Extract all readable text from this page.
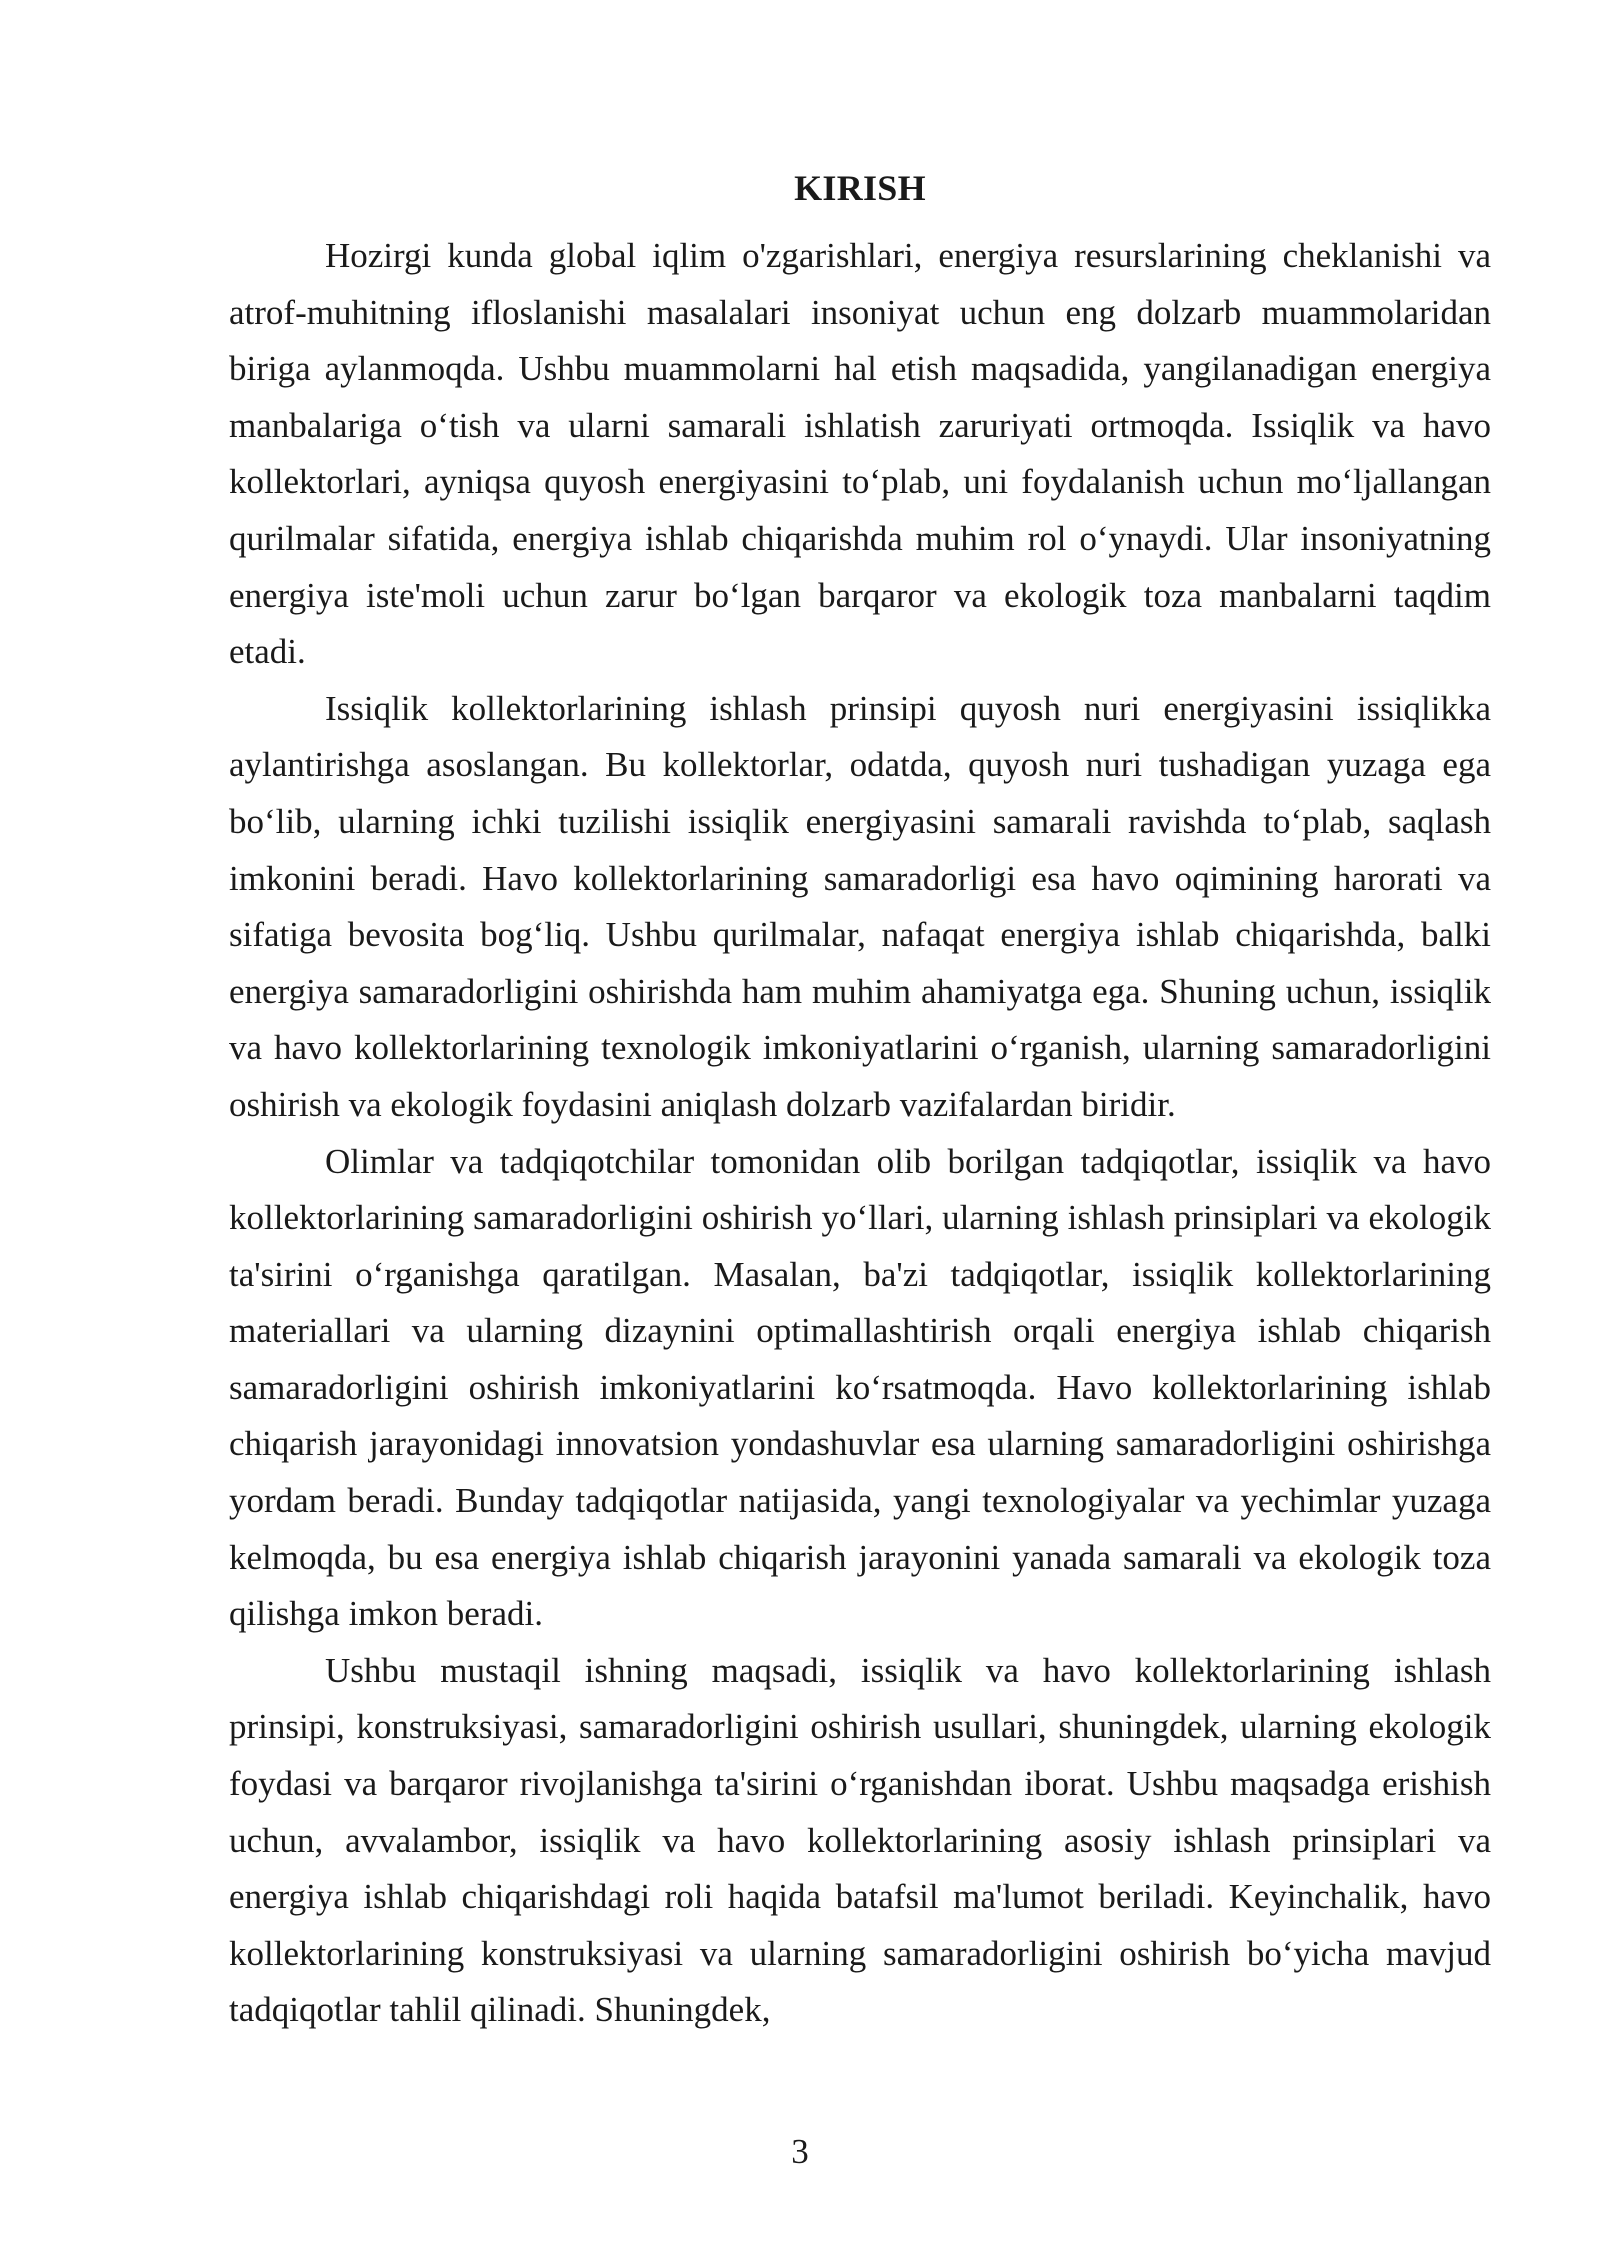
KIRISH

Hozirgi kunda global iqlim o'zgarishlari, energiya resurslarining cheklanishi va atrof-muhitning ifloslanishi masalalari insoniyat uchun eng dolzarb muammolaridan biriga aylanmoqda. Ushbu muammolarni hal etish maqsadida, yangilanadigan energiya manbalariga o‘tish va ularni samarali ishlatish zaruriyati ortmoqda. Issiqlik va havo kollektorlari, ayniqsa quyosh energiyasini to‘plab, uni foydalanish uchun mo‘ljallangan qurilmalar sifatida, energiya ishlab chiqarishda muhim rol o‘ynaydi. Ular insoniyatning energiya iste'moli uchun zarur bo‘lgan barqaror va ekologik toza manbalarni taqdim etadi.

Issiqlik kollektorlarining ishlash prinsipi quyosh nuri energiyasini issiqlikka aylantirishga asoslangan. Bu kollektorlar, odatda, quyosh nuri tushadigan yuzaga ega bo‘lib, ularning ichki tuzilishi issiqlik energiyasini samarali ravishda to‘plab, saqlash imkonini beradi. Havo kollektorlarining samaradorligi esa havo oqimining harorati va sifatiga bevosita bog‘liq. Ushbu qurilmalar, nafaqat energiya ishlab chiqarishda, balki energiya samaradorligini oshirishda ham muhim ahamiyatga ega. Shuning uchun, issiqlik va havo kollektorlarining texnologik imkoniyatlarini o‘rganish, ularning samaradorligini oshirish va ekologik foydasini aniqlash dolzarb vazifalardan biridir.

Olimlar va tadqiqotchilar tomonidan olib borilgan tadqiqotlar, issiqlik va havo kollektorlarining samaradorligini oshirish yo‘llari, ularning ishlash prinsiplari va ekologik ta'sirini o‘rganishga qaratilgan. Masalan, ba'zi tadqiqotlar, issiqlik kollektorlarining materiallari va ularning dizaynini optimallashtirish orqali energiya ishlab chiqarish samaradorligini oshirish imkoniyatlarini ko‘rsatmoqda. Havo kollektorlarining ishlab chiqarish jarayonidagi innovatsion yondashuvlar esa ularning samaradorligini oshirishga yordam beradi. Bunday tadqiqotlar natijasida, yangi texnologiyalar va yechimlar yuzaga kelmoqda, bu esa energiya ishlab chiqarish jarayonini yanada samarali va ekologik toza qilishga imkon beradi.

Ushbu mustaqil ishning maqsadi, issiqlik va havo kollektorlarining ishlash prinsipi, konstruksiyasi, samaradorligini oshirish usullari, shuningdek, ularning ekologik foydasi va barqaror rivojlanishga ta'sirini o‘rganishdan iborat. Ushbu maqsadga erishish uchun, avvalambor, issiqlik va havo kollektorlarining asosiy ishlash prinsiplari va energiya ishlab chiqarishdagi roli haqida batafsil ma'lumot beriladi. Keyinchalik, havo kollektorlarining konstruksiyasi va ularning samaradorligini oshirish bo‘yicha mavjud tadqiqotlar tahlil qilinadi. Shuningdek,

3
